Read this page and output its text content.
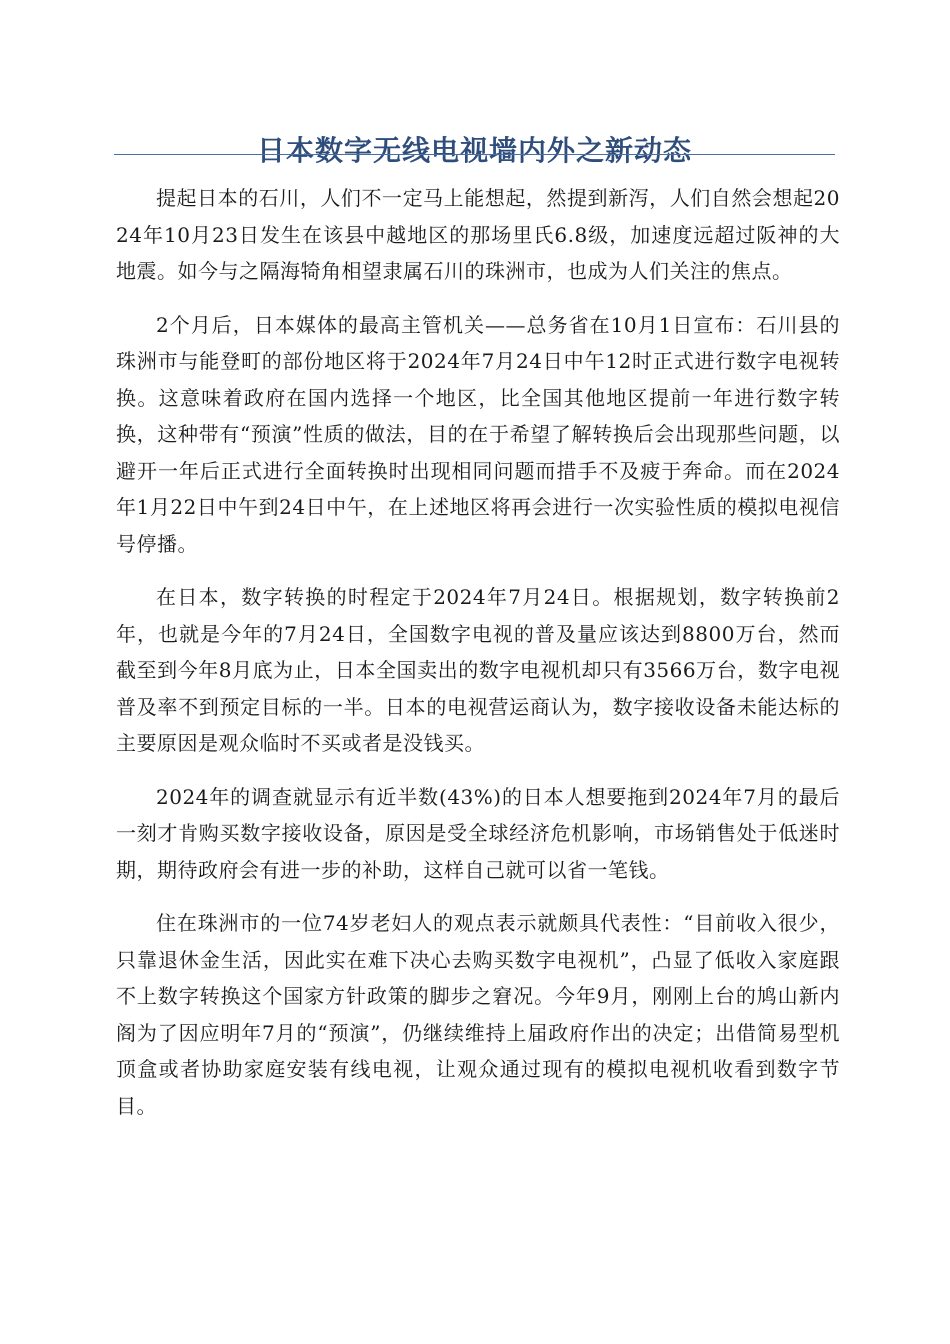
日本数字无线电视墙内外之新动态

提起日本的石川，人们不一定马上能想起，然提到新泻，人们自然会想起2024年10月23日发生在该县中越地区的那场里氏6.8级，加速度远超过阪神的大地震。如今与之隔海犄角相望隶属石川的珠洲市，也成为人们关注的焦点。

2个月后，日本媒体的最高主管机关——总务省在10月1日宣布：石川县的珠洲市与能登町的部份地区将于2024年7月24日中午12时正式进行数字电视转换。这意味着政府在国内选择一个地区，比全国其他地区提前一年进行数字转换，这种带有“预演”性质的做法，目的在于希望了解转换后会出现那些问题，以避开一年后正式进行全面转换时出现相同问题而措手不及疲于奔命。而在2024年1月22日中午到24日中午，在上述地区将再会进行一次实验性质的模拟电视信号停播。

在日本，数字转换的时程定于2024年7月24日。根据规划，数字转换前2年，也就是今年的7月24日，全国数字电视的普及量应该达到8800万台，然而截至到今年8月底为止，日本全国卖出的数字电视机却只有3566万台，数字电视普及率不到预定目标的一半。日本的电视营运商认为，数字接收设备未能达标的主要原因是观众临时不买或者是没钱买。

2024年的调查就显示有近半数(43%)的日本人想要拖到2024年7月的最后一刻才肯购买数字接收设备，原因是受全球经济危机影响，市场销售处于低迷时期，期待政府会有进一步的补助，这样自己就可以省一笔钱。

住在珠洲市的一位74岁老妇人的观点表示就颇具代表性：“目前收入很少，只靠退休金生活，因此实在难下决心去购买数字电视机”，凸显了低收入家庭跟不上数字转换这个国家方针政策的脚步之窘况。今年9月，刚刚上台的鸠山新内阁为了因应明年7月的“预演”，仍继续维持上届政府作出的决定；出借简易型机顶盒或者协助家庭安装有线电视，让观众通过现有的模拟电视机收看到数字节目。
